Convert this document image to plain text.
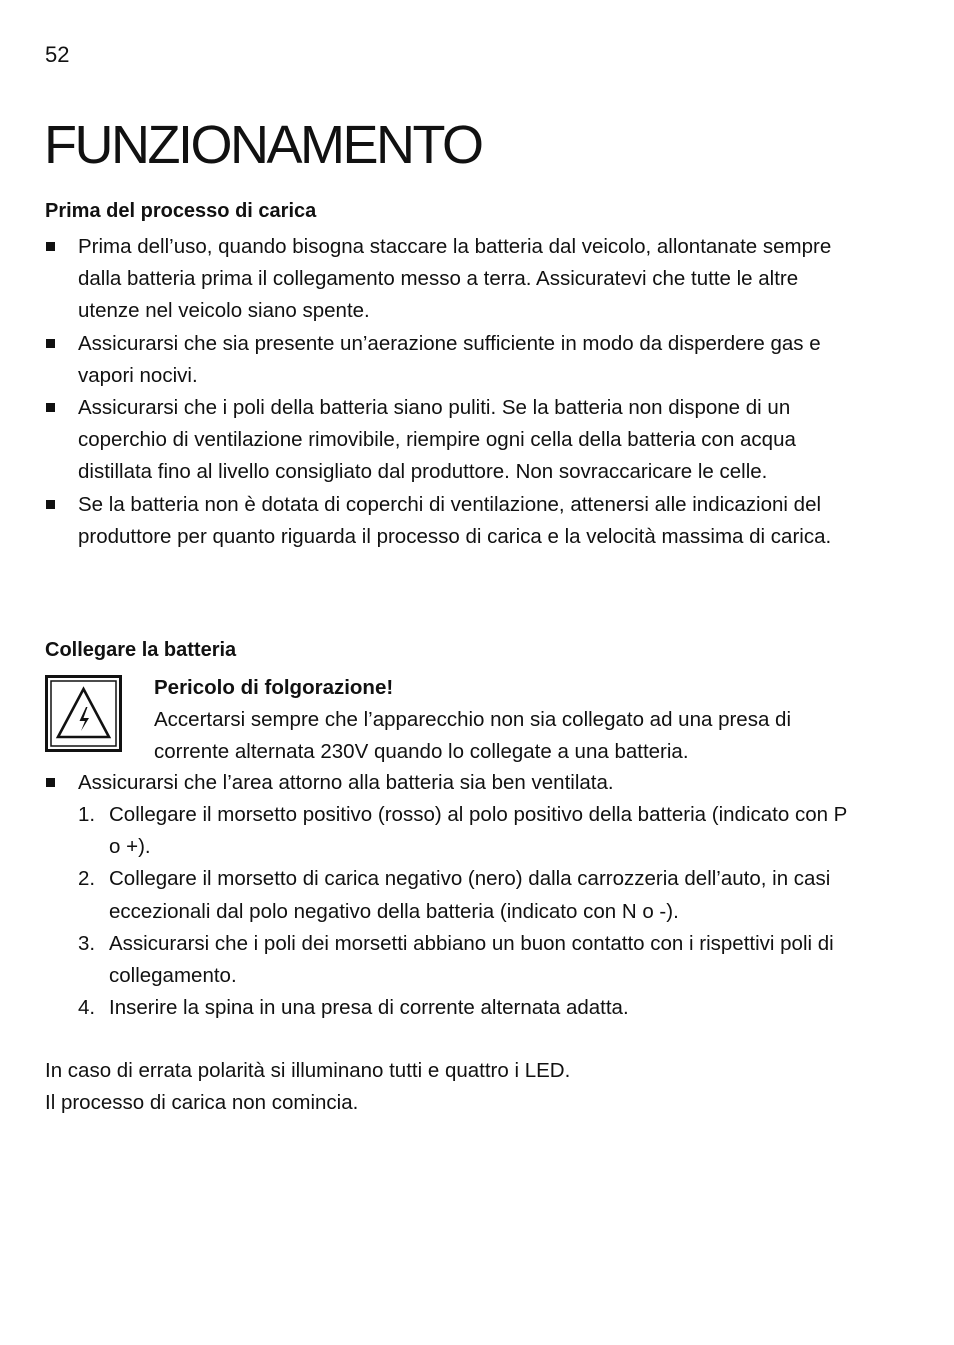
52
FUNZIONAMENTO
Prima del processo di carica
Prima dell’uso, quando bisogna staccare la batteria dal veicolo, allontanate sempre dalla batteria prima il collegamento messo a terra. Assicuratevi che tutte le altre utenze nel veicolo siano spente.
Assicurarsi che sia presente un’aerazione sufficiente in modo da disperdere gas e vapori nocivi.
Assicurarsi che i poli della batteria siano puliti. Se la batteria non dispone di un coperchio di ventilazione rimovibile, riempire ogni cella della batteria con acqua distillata fino al livello consigliato dal produttore. Non sovraccaricare le celle.
Se la batteria non è dotata di coperchi di ventilazione, attenersi alle indicazioni del produttore per quanto riguarda il processo di carica e la velocità massima di carica.
Collegare la batteria
Pericolo di folgorazione!
Accertarsi sempre che l’apparecchio non sia collegato ad una presa di corrente alternata 230V quando lo collegate a una batteria.
Assicurarsi che l’area attorno alla batteria sia ben ventilata.
1. Collegare il morsetto positivo (rosso) al polo positivo della batteria (indicato con P o +).
2. Collegare il morsetto di carica negativo (nero) dalla carrozzeria dell’auto, in casi eccezionali dal polo negativo della batteria (indicato con N o -).
3. Assicurarsi che i poli dei morsetti abbiano un buon contatto con i rispettivi poli di collegamento.
4. Inserire la spina in una presa di corrente alternata adatta.

In caso di errata polarità si illuminano tutti e quattro i LED.

Il processo di carica non comincia.
